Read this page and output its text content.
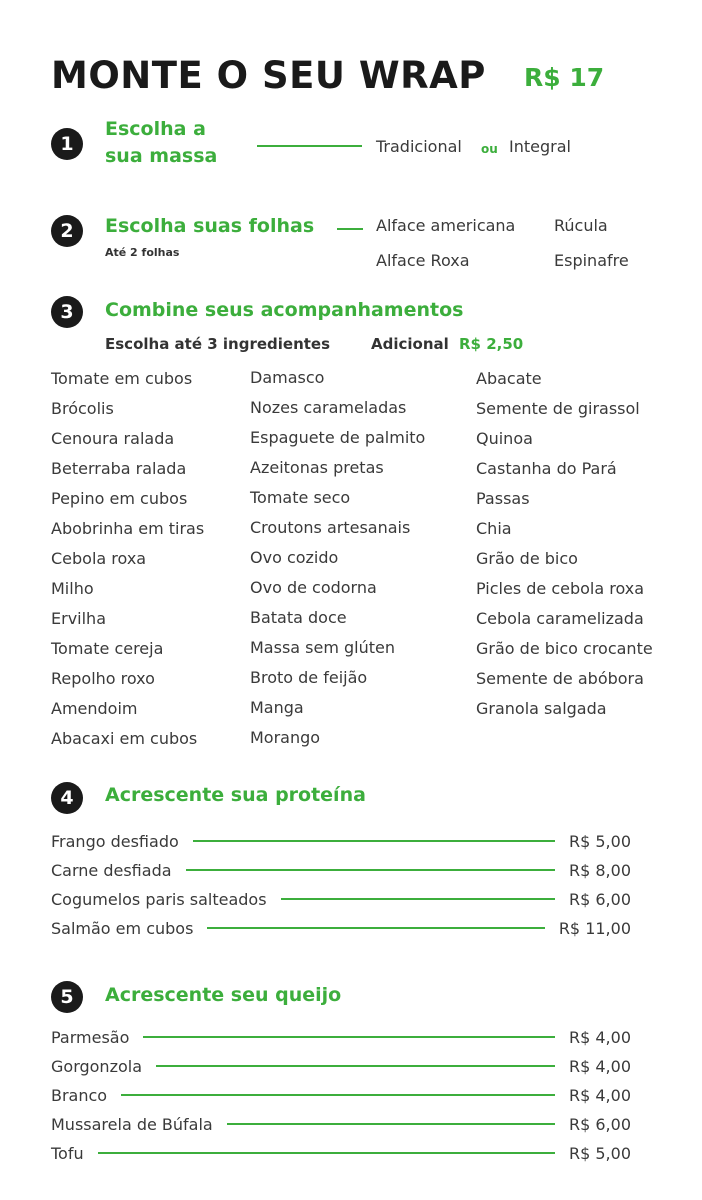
MONTE O SEU WRAP R$ 17
1
Escolha a
sua massa	Tradicional ou Integral
2	Escolha suas folhas
Até 2 folhas
Alface americana Rúcula
Alface Roxa	Espinafre
3	Combine seus acompanhamentos
Escolha até 3 ingredientes	Adicional R$ 2,50
Tomate em cubos
Brócolis
Cenoura ralada
Beterraba ralada
Pepino em cubos
Abobrinha em tiras
Cebola roxa
Milho
Ervilha
Tomate cereja
Repolho roxo
Amendoim
Abacaxi em cubos
Damasco
Nozes carameladas
Espaguete de palmito
Azeitonas pretas
Tomate seco
Croutons artesanais
Ovo cozido
Ovo de codorna
Batata doce
Massa sem glúten
Broto de feijão
Manga
Morango
Abacate
Semente de girassol
Quinoa
Castanha do Pará
Passas
Chia
Grão de bico
Picles de cebola roxa
Cebola caramelizada
Grão de bico crocante
Semente de abóbora
Granola salgada
4	Acrescente sua proteína
Frango desfiado	R$ 5,00
Carne desfiada	R$ 8,00
Cogumelos paris salteados	R$ 6,00
Salmão em cubos	R$ 11,00
5	Acrescente seu queijo
Parmesão	R$ 4,00
Gorgonzola	R$ 4,00
Branco	R$ 4,00
Mussarela de Búfala	R$ 6,00
Tofu	R$ 5,00
